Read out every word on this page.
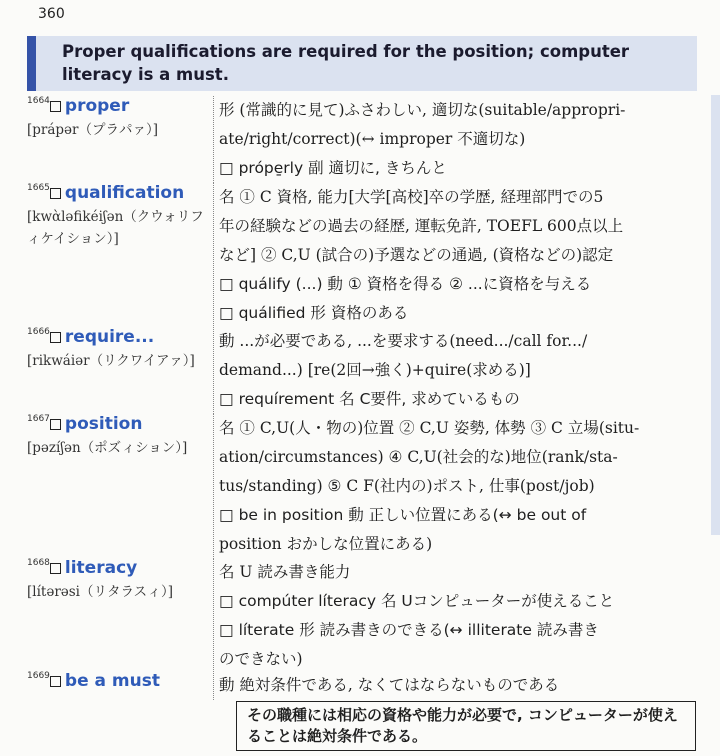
360
Proper qualifications are required for the position; computer literacy is a must.
$^{1664}$ proper
[prápər（プラパァ）]
形 (常識的に見て)ふさわしい, 適切な(suitable/appropri-
ate/right/correct)(↔ improper 不適切な)
□ própe̱rly 副 適切に, きちんと
$^{1665}$ qualification
[kwὰləfikéiʃən（クウォリフィケイション）]
名 ① C 資格, 能力[大学[高校]卒の学歴, 経理部門での5
年の経験などの過去の経歴, 運転免許, TOEFL 600点以上
など] ② C,U (試合の)予選などの通過, (資格などの)認定
□ quálify (...) 動 ① 資格を得る ② ...に資格を与える
□ quálified 形 資格のある
$^{1666}$ require...
[rikwáiər（リクワイアァ）]
動 ...が必要である, ...を要求する(need.../call for.../
demand...) [re(2回→強く)+quire(求める)]
□ requírement 名 C要件, 求めているもの
$^{1667}$ position
[pəzíʃən（ポズィション）]
名 ① C,U(人・物の)位置 ② C,U 姿勢, 体勢 ③ C 立場(situ-
ation/circumstances) ④ C,U(社会的な)地位(rank/sta-
tus/standing) ⑤ C F(社内の)ポスト, 仕事(post/job)
□ be in position 動 正しい位置にある(↔ be out of
position おかしな位置にある)
$^{1668}$ literacy
[lítərəsi（リタラスィ）]
名 U 読み書き能力
□ compúter líteracy 名 Uコンピューターが使えること
□ líterate 形 読み書きのできる(↔ illiterate 読み書き
のできない)
$^{1669}$ be a must	動 絶対条件である, なくてはならないものである
その職種には相応の資格や能力が必要で, コンピューターが使えることは絶対条件である。
